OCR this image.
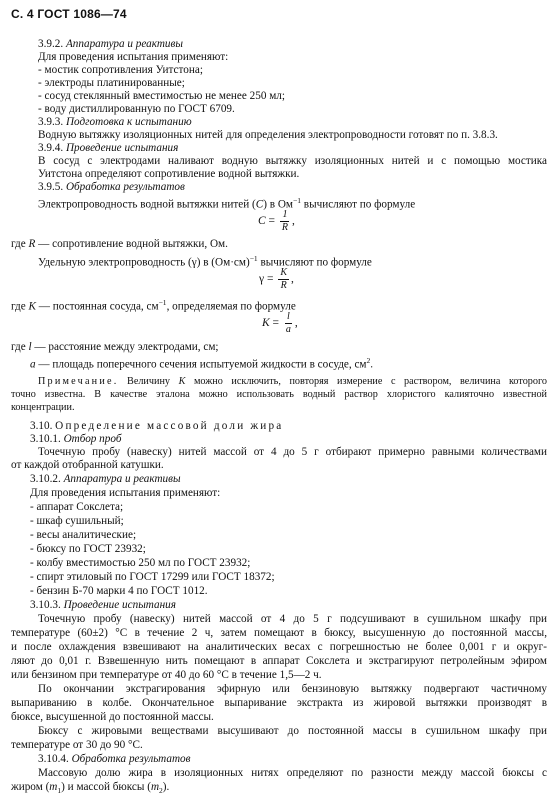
С. 4 ГОСТ 1086—74
3.9.2. Аппаратура и реактивы
Для проведения испытания применяют:
- мостик сопротивления Уитстона;
- электроды платинированные;
- сосуд стеклянный вместимостью не менее 250 мл;
- воду дистиллированную по ГОСТ 6709.
3.9.3. Подготовка к испытанию
Водную вытяжку изоляционных нитей для определения электропроводности готовят по п. 3.8.3.
3.9.4. Проведение испытания
В сосуд с электродами наливают водную вытяжку изоляционных нитей и с помощью мостика
Уитстона определяют сопротивление водной вытяжки.
3.9.5. Обработка результатов
Электропроводность водной вытяжки нитей (C) в $Ом^{-1}$ вычисляют по формуле
$C = \frac{1}{R}$ ,
где R — сопротивление водной вытяжки, Ом.
Удельную электропроводность (γ) в $(Ом\cdot см)^{-1}$ вычисляют по формуле
$\gamma = \frac{K}{R}$ ,
где K — постоянная сосуда, $см^{-1}$, определяемая по формуле
$K = \frac{l}{a}$ ,
где l — расстояние между электродами, см;
a — площадь поперечного сечения испытуемой жидкости в сосуде, $см^2$.
Примечание. Величину K можно исключить, повторяя измерение с раствором, величина которого
точно известна. В качестве эталона можно использовать водный раствор хлористого калияточно известной
концентрации.
3.10. Определение массовой доли жира
3.10.1. Отбор проб
Точечную пробу (навеску) нитей массой от 4 до 5 г отбирают примерно равными количествами
от каждой отобранной катушки.
3.10.2. Аппаратура и реактивы
Для проведения испытания применяют:
- аппарат Сокслета;
- шкаф сушильный;
- весы аналитические;
- бюксу по ГОСТ 23932;
- колбу вместимостью 250 мл по ГОСТ 23932;
- спирт этиловый по ГОСТ 17299 или ГОСТ 18372;
- бензин Б-70 марки 4 по ГОСТ 1012.
3.10.3. Проведение испытания
Точечную пробу (навеску) нитей массой от 4 до 5 г подсушивают в сушильном шкафу при
температуре (60±2) °С в течение 2 ч, затем помещают в бюксу, высушенную до постоянной массы,
и после охлаждения взвешивают на аналитических весах с погрешностью не более 0,001 г и округ-
ляют до 0,01 г. Взвешенную нить помещают в аппарат Сокслета и экстрагируют петролейным эфиром
или бензином при температуре от 40 до 60 °С в течение 1,5—2 ч.
По окончании экстрагирования эфирную или бензиновую вытяжку подвергают частичному
выпариванию в колбе. Окончательное выпаривание экстракта из жировой вытяжки производят в
бюксе, высушенной до постоянной массы.
Бюксу с жировыми веществами высушивают до постоянной массы в сушильном шкафу при
температуре от 30 до 90 °С.
3.10.4. Обработка результатов
Массовую долю жира в изоляционных нитях определяют по разности между массой бюксы с
жиром $(m_1)$ и массой бюксы $(m_2)$.
